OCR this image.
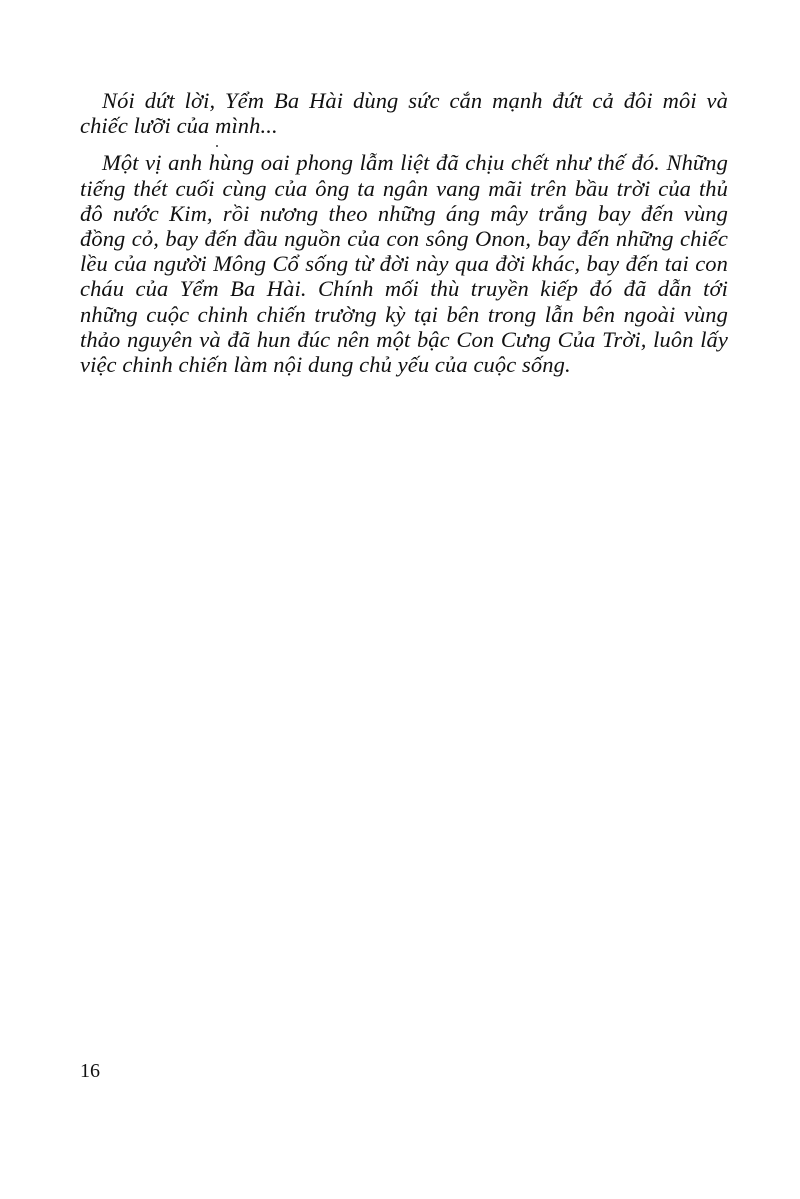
Nói dứt lời, Yểm Ba Hài dùng sức cắn mạnh đứt cả đôi môi và
chiếc lưỡi của mình...

Một vị anh hùng oai phong lẫm liệt đã chịu chết như thế đó. Những
tiếng thét cuối cùng của ông ta ngân vang mãi trên bầu trời của thủ
đô nước Kim, rồi nương theo những áng mây trắng bay đến vùng
đồng cỏ, bay đến đầu nguồn của con sông Onon, bay đến những chiếc
lều của người Mông Cổ sống từ đời này qua đời khác, bay đến tai con
cháu của Yểm Ba Hài. Chính mối thù truyền kiếp đó đã dẫn tới
những cuộc chinh chiến trường kỳ tại bên trong lẫn bên ngoài vùng
thảo nguyên và đã hun đúc nên một bậc Con Cưng Của Trời, luôn lấy
việc chinh chiến làm nội dung chủ yếu của cuộc sống.

16
